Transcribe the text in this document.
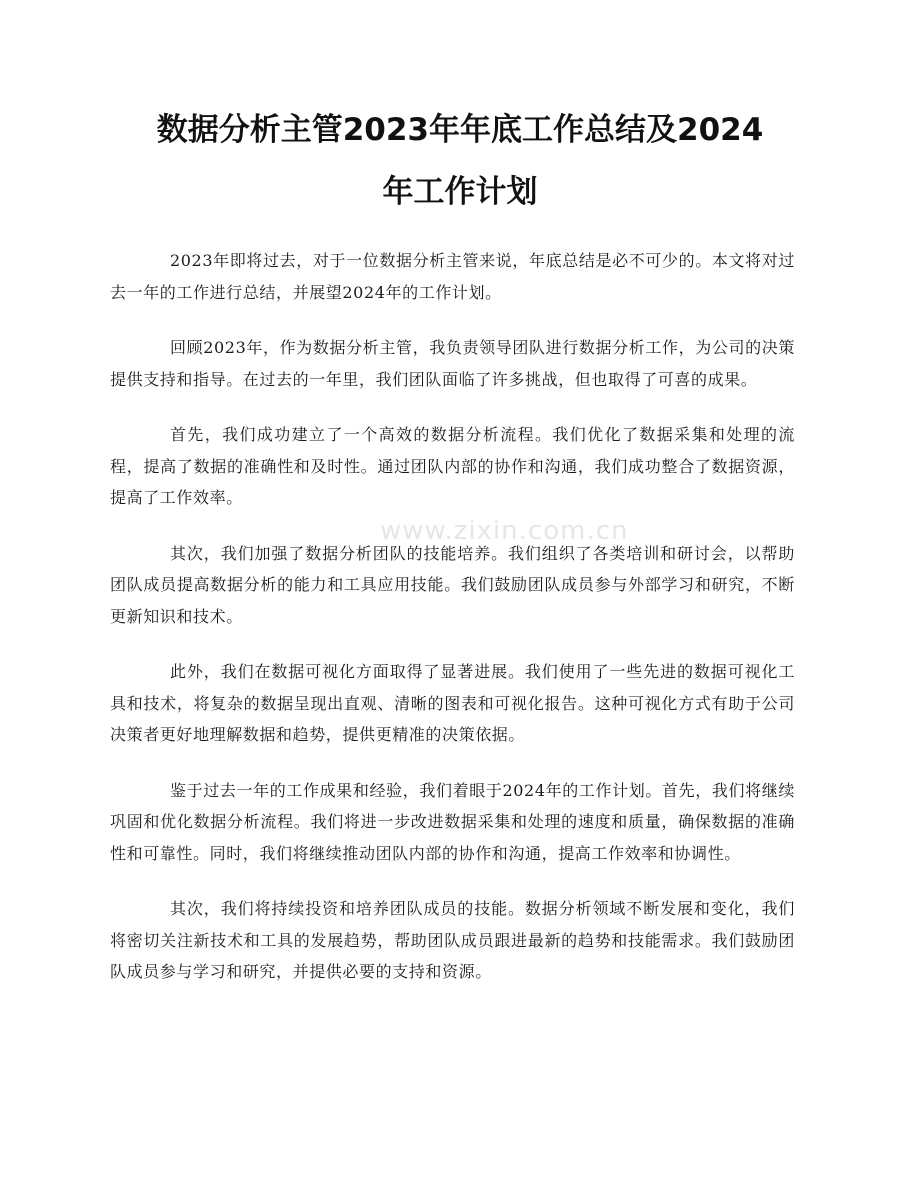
数据分析主管2023年年底工作总结及2024
年工作计划

2023年即将过去，对于一位数据分析主管来说，年底总结是必不可少的。本文将对过去一年的工作进行总结，并展望2024年的工作计划。

回顾2023年，作为数据分析主管，我负责领导团队进行数据分析工作，为公司的决策提供支持和指导。在过去的一年里，我们团队面临了许多挑战，但也取得了可喜的成果。

首先，我们成功建立了一个高效的数据分析流程。我们优化了数据采集和处理的流程，提高了数据的准确性和及时性。通过团队内部的协作和沟通，我们成功整合了数据资源，提高了工作效率。

其次，我们加强了数据分析团队的技能培养。我们组织了各类培训和研讨会，以帮助团队成员提高数据分析的能力和工具应用技能。我们鼓励团队成员参与外部学习和研究，不断更新知识和技术。

此外，我们在数据可视化方面取得了显著进展。我们使用了一些先进的数据可视化工具和技术，将复杂的数据呈现出直观、清晰的图表和可视化报告。这种可视化方式有助于公司决策者更好地理解数据和趋势，提供更精准的决策依据。

鉴于过去一年的工作成果和经验，我们着眼于2024年的工作计划。首先，我们将继续巩固和优化数据分析流程。我们将进一步改进数据采集和处理的速度和质量，确保数据的准确性和可靠性。同时，我们将继续推动团队内部的协作和沟通，提高工作效率和协调性。

其次，我们将持续投资和培养团队成员的技能。数据分析领域不断发展和变化，我们将密切关注新技术和工具的发展趋势，帮助团队成员跟进最新的趋势和技能需求。我们鼓励团队成员参与学习和研究，并提供必要的支持和资源。

www.zixin.com.cn
